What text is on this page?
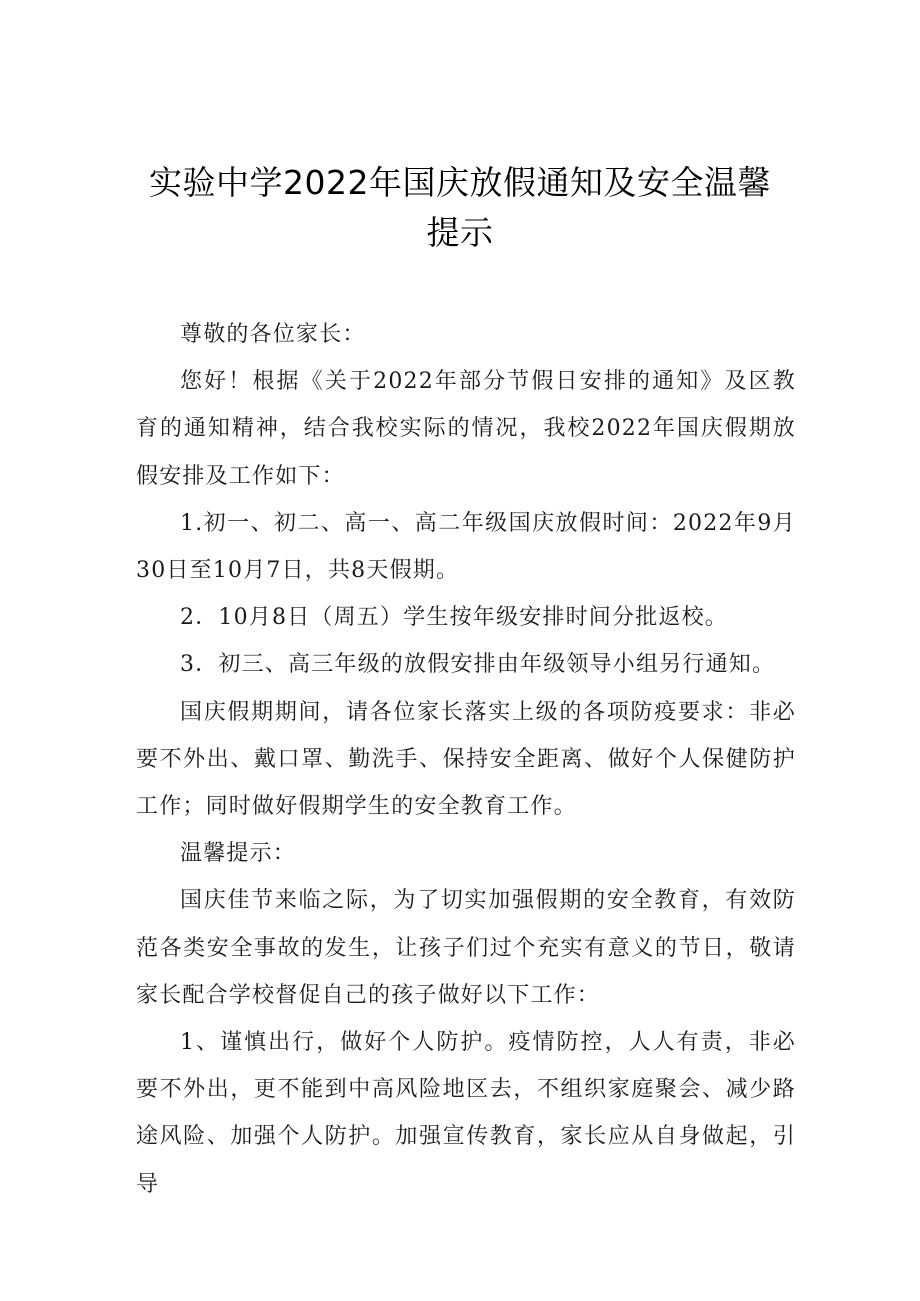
实验中学2022年国庆放假通知及安全温馨
提示

尊敬的各位家长：

您好！根据《关于2022年部分节假日安排的通知》及区教育的通知精神，结合我校实际的情况，我校2022年国庆假期放假安排及工作如下：

1.初一、初二、高一、高二年级国庆放假时间：2022年9月30日至10月7日，共8天假期。

2．10月8日（周五）学生按年级安排时间分批返校。

3．初三、高三年级的放假安排由年级领导小组另行通知。

国庆假期期间，请各位家长落实上级的各项防疫要求：非必要不外出、戴口罩、勤洗手、保持安全距离、做好个人保健防护工作；同时做好假期学生的安全教育工作。

温馨提示：

国庆佳节来临之际，为了切实加强假期的安全教育，有效防范各类安全事故的发生，让孩子们过个充实有意义的节日，敬请家长配合学校督促自己的孩子做好以下工作：

1、谨慎出行，做好个人防护。疫情防控，人人有责，非必要不外出，更不能到中高风险地区去，不组织家庭聚会、减少路途风险、加强个人防护。加强宣传教育，家长应从自身做起，引导
